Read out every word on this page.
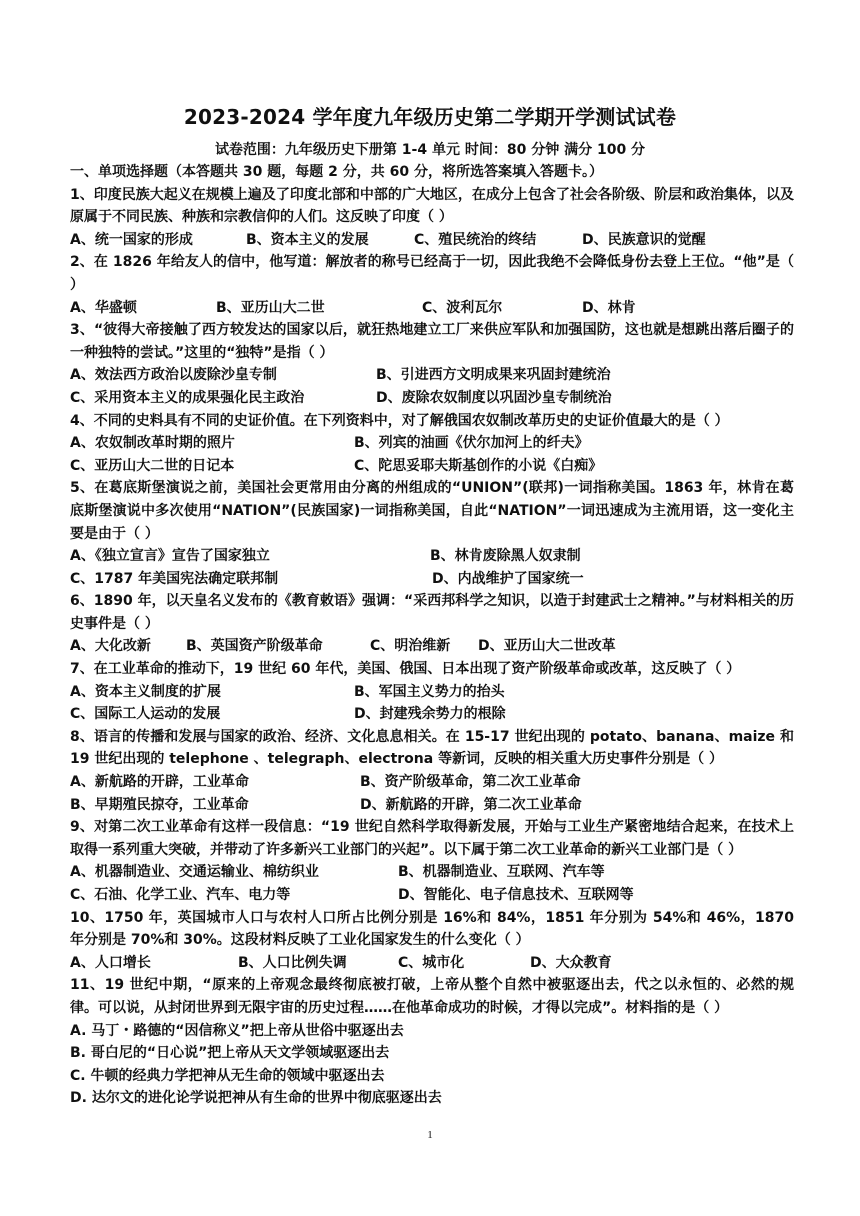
2023-2024 学年度九年级历史第二学期开学测试试卷
试卷范围：九年级历史下册第 1-4 单元 时间：80 分钟 满分 100 分
一、单项选择题（本答题共 30 题，每题 2 分，共 60 分，将所选答案填入答题卡。）
1、印度民族大起义在规模上遍及了印度北部和中部的广大地区，在成分上包含了社会各阶级、阶层和政治集体，以及原属于不同民族、种族和宗教信仰的人们。这反映了印度（ ）
A、统一国家的形成	B、资本主义的发展	C、殖民统治的终结	D、民族意识的觉醒
2、在 1826 年给友人的信中，他写道：解放者的称号已经高于一切，因此我绝不会降低身份去登上王位。“他”是（ ）
A、华盛顿	B、亚历山大二世	C、波利瓦尔	D、林肯
3、“彼得大帝接触了西方较发达的国家以后，就狂热地建立工厂来供应军队和加强国防，这也就是想跳出落后圈子的一种独特的尝试。”这里的“独特”是指（ ）
A、效法西方政治以废除沙皇专制	B、引进西方文明成果来巩固封建统治
C、采用资本主义的成果强化民主政治	D、废除农奴制度以巩固沙皇专制统治
4、不同的史料具有不同的史证价值。在下列资料中，对了解俄国农奴制改革历史的史证价值最大的是（ ）
A、农奴制改革时期的照片	B、列宾的油画《伏尔加河上的纤夫》
C、亚历山大二世的日记本	C、陀思妥耶夫斯基创作的小说《白痴》
5、在葛底斯堡演说之前，美国社会更常用由分离的州组成的“UNION”(联邦)一词指称美国。1863 年，林肯在葛底斯堡演说中多次使用“NATION”(民族国家)一词指称美国，自此“NATION”一词迅速成为主流用语，这一变化主要是由于（ ）
A、《独立宣言》宣告了国家独立	B、林肯废除黑人奴隶制
C、1787 年美国宪法确定联邦制	D、内战维护了国家统一
6、1890 年，以天皇名义发布的《教育敕语》强调：“采西邦科学之知识，以造于封建武士之精神。”与材料相关的历史事件是（ ）
A、大化改新	B、英国资产阶级革命	C、明治维新	D、亚历山大二世改革
7、在工业革命的推动下，19 世纪 60 年代，美国、俄国、日本出现了资产阶级革命或改革，这反映了（ ）
A、资本主义制度的扩展	B、军国主义势力的抬头
C、国际工人运动的发展	D、封建残余势力的根除
8、语言的传播和发展与国家的政治、经济、文化息息相关。在 15-17 世纪出现的 potato、banana、maize 和 19 世纪出现的 telephone 、telegraph、electrona 等新词，反映的相关重大历史事件分别是（ ）
A、新航路的开辟，工业革命	B、资产阶级革命，第二次工业革命
B、早期殖民掠夺，工业革命	D、新航路的开辟，第二次工业革命
9、对第二次工业革命有这样一段信息：“19 世纪自然科学取得新发展，开始与工业生产紧密地结合起来，在技术上取得一系列重大突破，并带动了许多新兴工业部门的兴起”。以下属于第二次工业革命的新兴工业部门是（ ）
A、机器制造业、交通运输业、棉纺织业	B、机器制造业、互联网、汽车等
C、石油、化学工业、汽车、电力等	D、智能化、电子信息技术、互联网等
10、1750 年，英国城市人口与农村人口所占比例分别是 16%和 84%，1851 年分别为 54%和 46%，1870 年分别是 70%和 30%。这段材料反映了工业化国家发生的什么变化（ ）
A、人口增长	B、人口比例失调	C、城市化	D、大众教育
11、19 世纪中期，“原来的上帝观念最终彻底被打破，上帝从整个自然中被驱逐出去，代之以永恒的、必然的规律。可以说，从封闭世界到无限宇宙的历史过程……在他革命成功的时候，才得以完成”。材料指的是（ ）
A. 马丁・路德的“因信称义”把上帝从世俗中驱逐出去
B. 哥白尼的“日心说”把上帝从天文学领域驱逐出去
C. 牛顿的经典力学把神从无生命的领域中驱逐出去
D. 达尔文的进化论学说把神从有生命的世界中彻底驱逐出去
1
